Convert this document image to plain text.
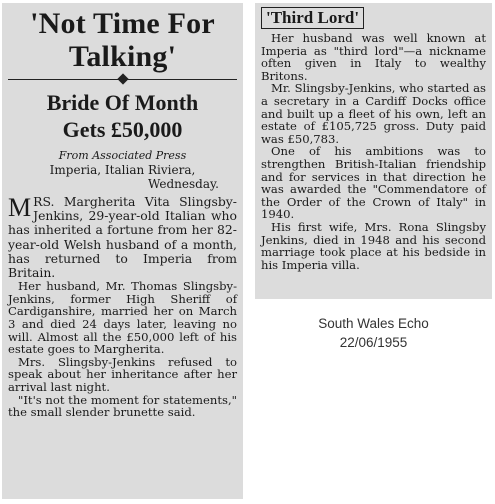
'Not Time For

Talking'

Bride Of Month

Gets £50,000

From Associated Press
Imperia, Italian Riviera,
Wednesday.
MRS. Margherita Vita Slingsby-Jenkins, 29-year-old Italian who has inherited a fortune from her 82-year-old Welsh husband of a month, has returned to Imperia from Britain.

Her husband, Mr. Thomas Slingsby-Jenkins, former High Sheriff of Cardiganshire, married her on March 3 and died 24 days later, leaving no will. Almost all the £50,000 left of his estate goes to Margherita.

Mrs. Slingsby-Jenkins refused to speak about her inheritance after her arrival last night.

"It's not the moment for statements," the small slender brunette said.

'Third Lord'

Her husband was well known at Imperia as "third lord"—a nickname often given in Italy to wealthy Britons.

Mr. Slingsby-Jenkins, who started as a secretary in a Cardiff Docks office and built up a fleet of his own, left an estate of £105,725 gross. Duty paid was £50,783.

One of his ambitions was to strengthen British-Italian friendship and for services in that direction he was awarded the "Commendatore of the Order of the Crown of Italy" in 1940.

His first wife, Mrs. Rona Slingsby Jenkins, died in 1948 and his second marriage took place at his bedside in his Imperia villa.

South Wales Echo
22/06/1955
